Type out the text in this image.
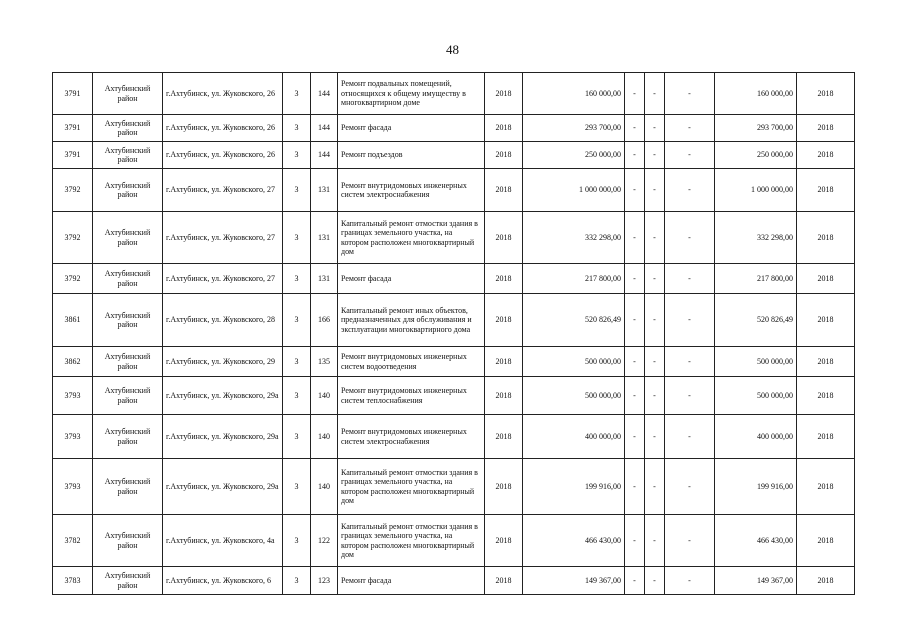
48
3791	Ахтубинский район	г.Ахтубинск, ул. Жуковского, 26	3	144	Ремонт подвальных помещений, относящихся к общему имуществу в многоквартирном доме	2018	160 000,00	-	-	-	160 000,00	2018
3791	Ахтубинский район	г.Ахтубинск, ул. Жуковского, 26	3	144	Ремонт фасада	2018	293 700,00	-	-	-	293 700,00	2018
3791	Ахтубинский район	г.Ахтубинск, ул. Жуковского, 26	3	144	Ремонт подъездов	2018	250 000,00	-	-	-	250 000,00	2018
3792	Ахтубинский район	г.Ахтубинск, ул. Жуковского, 27	3	131	Ремонт внутридомовых инженерных систем электроснабжения	2018	1 000 000,00	-	-	-	1 000 000,00	2018
3792	Ахтубинский район	г.Ахтубинск, ул. Жуковского, 27	3	131	Капитальный ремонт отмостки здания в границах земельного участка, на котором расположен многоквартирный дом	2018	332 298,00	-	-	-	332 298,00	2018
3792	Ахтубинский район	г.Ахтубинск, ул. Жуковского, 27	3	131	Ремонт фасада	2018	217 800,00	-	-	-	217 800,00	2018
3861	Ахтубинский район	г.Ахтубинск, ул. Жуковского, 28	3	166	Капитальный ремонт иных объектов, предназначенных для обслуживания и эксплуатации многоквартирного дома	2018	520 826,49	-	-	-	520 826,49	2018
3862	Ахтубинский район	г.Ахтубинск, ул. Жуковского, 29	3	135	Ремонт внутридомовых инженерных систем водоотведения	2018	500 000,00	-	-	-	500 000,00	2018
3793	Ахтубинский район	г.Ахтубинск, ул. Жуковского, 29а	3	140	Ремонт внутридомовых инженерных систем теплоснабжения	2018	500 000,00	-	-	-	500 000,00	2018
3793	Ахтубинский район	г.Ахтубинск, ул. Жуковского, 29а	3	140	Ремонт внутридомовых инженерных систем электроснабжения	2018	400 000,00	-	-	-	400 000,00	2018
3793	Ахтубинский район	г.Ахтубинск, ул. Жуковского, 29а	3	140	Капитальный ремонт отмостки здания в границах земельного участка, на котором расположен многоквартирный дом	2018	199 916,00	-	-	-	199 916,00	2018
3782	Ахтубинский район	г.Ахтубинск, ул. Жуковского, 4а	3	122	Капитальный ремонт отмостки здания в границах земельного участка, на котором расположен многоквартирный дом	2018	466 430,00	-	-	-	466 430,00	2018
3783	Ахтубинский район	г.Ахтубинск, ул. Жуковского, 6	3	123	Ремонт фасада	2018	149 367,00	-	-	-	149 367,00	2018
